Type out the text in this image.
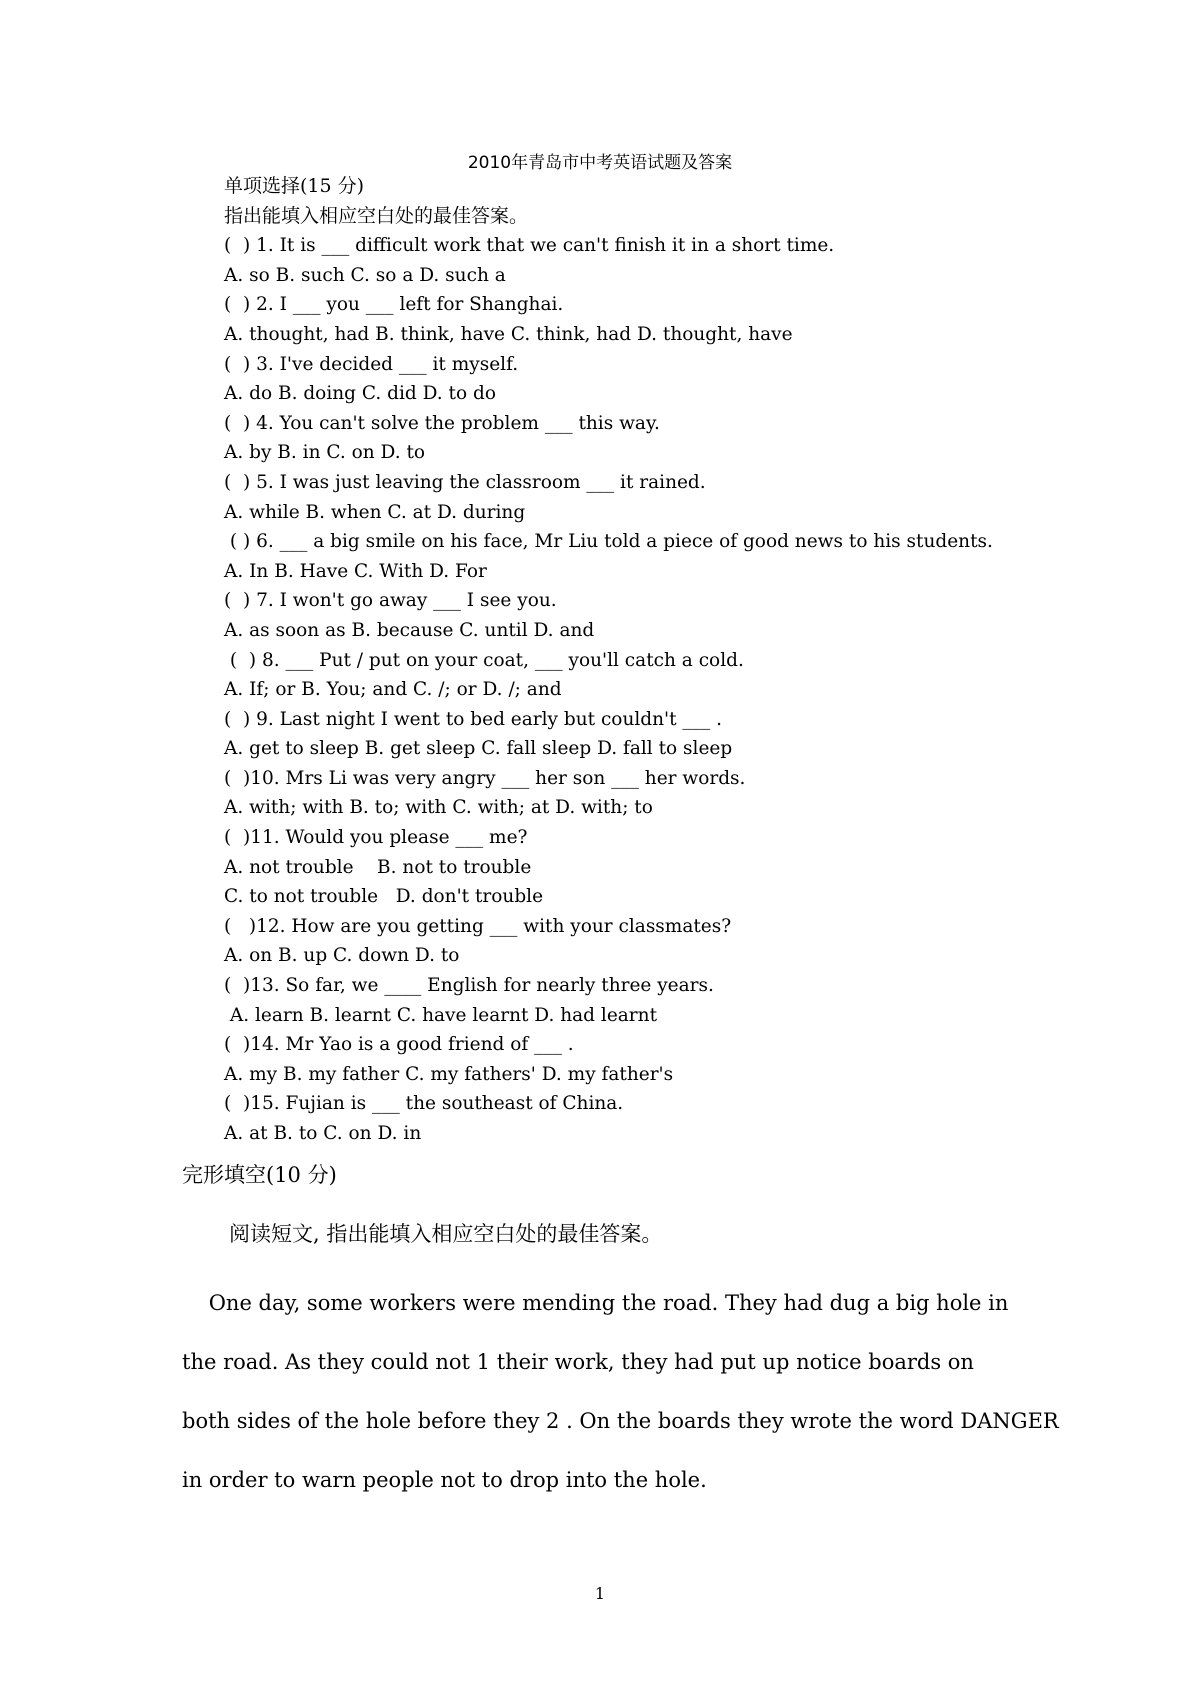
2010年青岛市中考英语试题及答案
单项选择(15 分)
指出能填入相应空白处的最佳答案。
(  ) 1. It is ___ difficult work that we can't finish it in a short time.
A. so B. such C. so a D. such a
(  ) 2. I ___ you ___ left for Shanghai.
A. thought, had B. think, have C. think, had D. thought, have
(  ) 3. I've decided ___ it myself.
A. do B. doing C. did D. to do
(  ) 4. You can't solve the problem ___ this way.
A. by B. in C. on D. to
(  ) 5. I was just leaving the classroom ___ it rained.
A. while B. when C. at D. during
( ) 6. ___ a big smile on his face, Mr Liu told a piece of good news to his students.
A. In B. Have C. With D. For
(  ) 7. I won't go away ___ I see you.
A. as soon as B. because C. until D. and
(  ) 8. ___ Put / put on your coat, ___ you'll catch a cold.
A. If; or B. You; and C. /; or D. /; and
(  ) 9. Last night I went to bed early but couldn't ___ .
A. get to sleep B. get sleep C. fall sleep D. fall to sleep
(  )10. Mrs Li was very angry ___ her son ___ her words.
A. with; with B. to; with C. with; at D. with; to
(  )11. Would you please ___ me?
A. not trouble    B. not to trouble
C. to not trouble   D. don't trouble
(   )12. How are you getting ___ with your classmates?
A. on B. up C. down D. to
(  )13. So far, we ____ English for nearly three years.
A. learn B. learnt C. have learnt D. had learnt
(  )14. Mr Yao is a good friend of ___ .
A. my B. my father C. my fathers' D. my father's
(  )15. Fujian is ___ the southeast of China.
A. at B. to C. on D. in
完形填空(10 分)
阅读短文, 指出能填入相应空白处的最佳答案。
One day, some workers were mending the road. They had dug a big hole in
the road. As they could not 1 their work, they had put up notice boards on
both sides of the hole before they 2 . On the boards they wrote the word DANGER
in order to warn people not to drop into the hole.
1
